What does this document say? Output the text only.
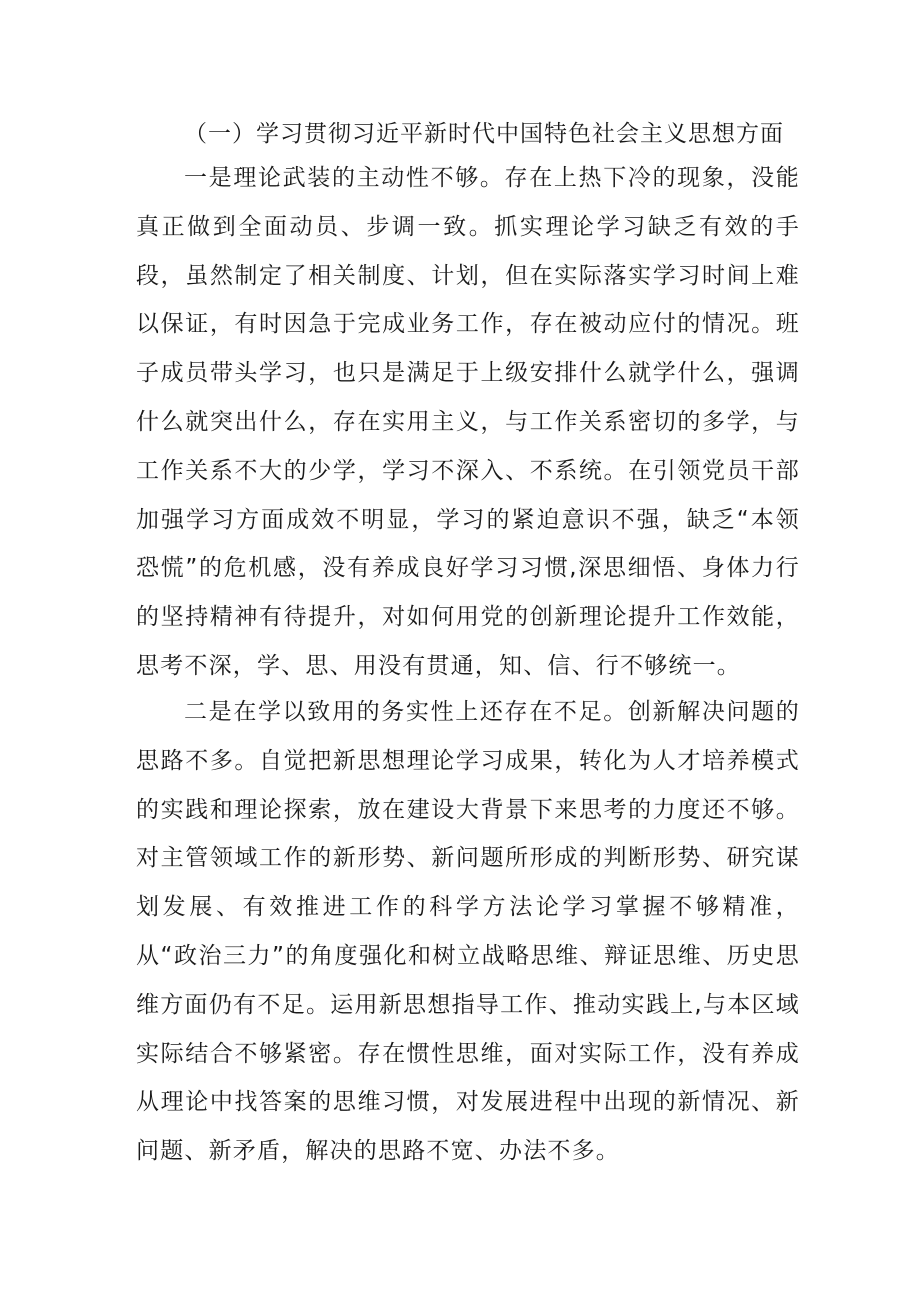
（一）学习贯彻习近平新时代中国特色社会主义思想方面

一是理论武装的主动性不够。存在上热下冷的现象，没能真正做到全面动员、步调一致。抓实理论学习缺乏有效的手段，虽然制定了相关制度、计划，但在实际落实学习时间上难以保证，有时因急于完成业务工作，存在被动应付的情况。班子成员带头学习，也只是满足于上级安排什么就学什么，强调什么就突出什么，存在实用主义，与工作关系密切的多学，与工作关系不大的少学，学习不深入、不系统。在引领党员干部加强学习方面成效不明显，学习的紧迫意识不强，缺乏“本领恐慌”的危机感，没有养成良好学习习惯,深思细悟、身体力行的坚持精神有待提升，对如何用党的创新理论提升工作效能，思考不深，学、思、用没有贯通，知、信、行不够统一。

二是在学以致用的务实性上还存在不足。创新解决问题的思路不多。自觉把新思想理论学习成果，转化为人才培养模式的实践和理论探索，放在建设大背景下来思考的力度还不够。对主管领域工作的新形势、新问题所形成的判断形势、研究谋划发展、有效推进工作的科学方法论学习掌握不够精准，从“政治三力”的角度强化和树立战略思维、辩证思维、历史思维方面仍有不足。运用新思想指导工作、推动实践上,与本区域实际结合不够紧密。存在惯性思维，面对实际工作，没有养成从理论中找答案的思维习惯，对发展进程中出现的新情况、新问题、新矛盾，解决的思路不宽、办法不多。
